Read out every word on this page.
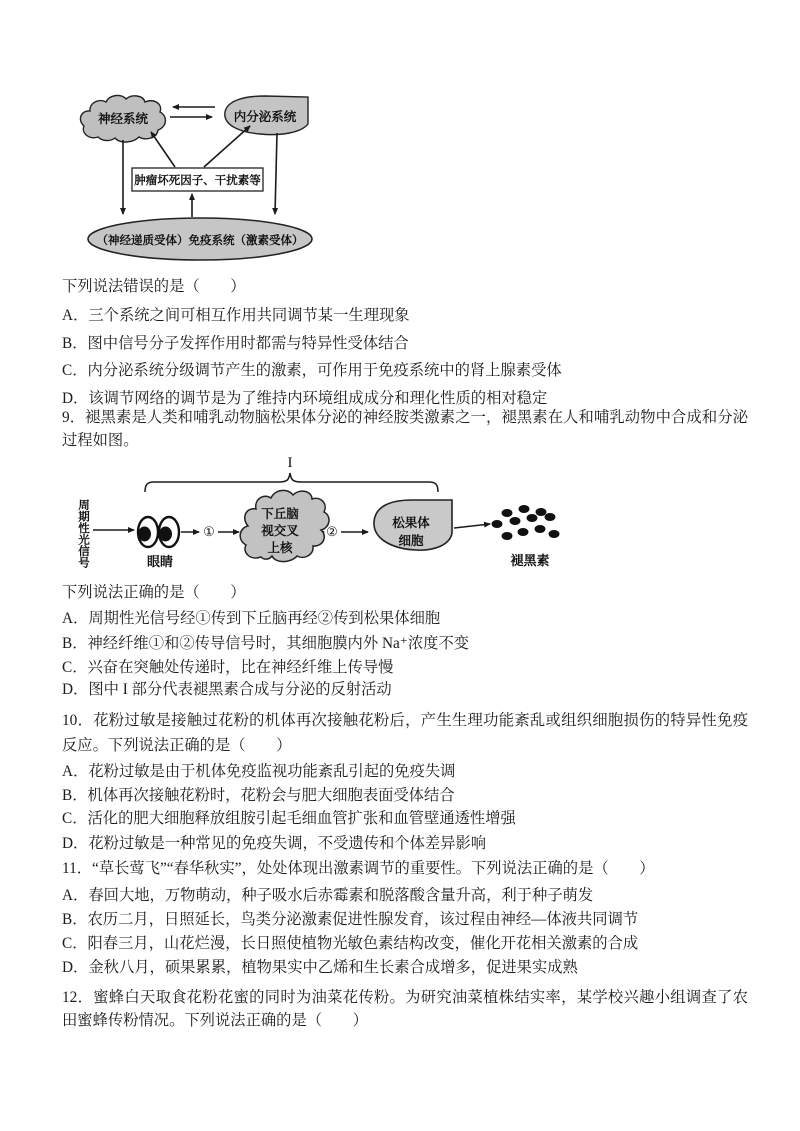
神经系统	内分泌系统
肿瘤坏死因子、干扰素等
（神经递质受体）免疫系统（激素受体）
下列说法错误的是（　　）
A．三个系统之间可相互作用共同调节某一生理现象
B．图中信号分子发挥作用时都需与特异性受体结合
C．内分泌系统分级调节产生的激素，可作用于免疫系统中的肾上腺素受体
D．该调节网络的调节是为了维持内环境组成成分和理化性质的相对稳定
9．褪黑素是人类和哺乳动物脑松果体分泌的神经胺类激素之一，褪黑素在人和哺乳动物中合成和分泌过程如图。
I
周期性光信号	眼睛
①
下丘脑
视交叉
上核
②
松果体
细胞
褪黑素
下列说法正确的是（　　）
A．周期性光信号经①传到下丘脑再经②传到松果体细胞
B．神经纤维①和②传导信号时，其细胞膜内外 Na⁺浓度不变
C．兴奋在突触处传递时，比在神经纤维上传导慢
D．图中 I 部分代表褪黑素合成与分泌的反射活动
10．花粉过敏是接触过花粉的机体再次接触花粉后，产生生理功能紊乱或组织细胞损伤的特异性免疫反应。下列说法正确的是（　　）
A．花粉过敏是由于机体免疫监视功能紊乱引起的免疫失调
B．机体再次接触花粉时，花粉会与肥大细胞表面受体结合
C．活化的肥大细胞释放组胺引起毛细血管扩张和血管壁通透性增强
D．花粉过敏是一种常见的免疫失调，不受遗传和个体差异影响
11．“草长莺飞”“春华秋实”，处处体现出激素调节的重要性。下列说法正确的是（　　）
A．春回大地，万物萌动，种子吸水后赤霉素和脱落酸含量升高，利于种子萌发
B．农历二月，日照延长，鸟类分泌激素促进性腺发育，该过程由神经—体液共同调节
C．阳春三月，山花烂漫，长日照使植物光敏色素结构改变，催化开花相关激素的合成
D．金秋八月，硕果累累，植物果实中乙烯和生长素合成增多，促进果实成熟
12．蜜蜂白天取食花粉花蜜的同时为油菜花传粉。为研究油菜植株结实率，某学校兴趣小组调查了农田蜜蜂传粉情况。下列说法正确的是（　　）
